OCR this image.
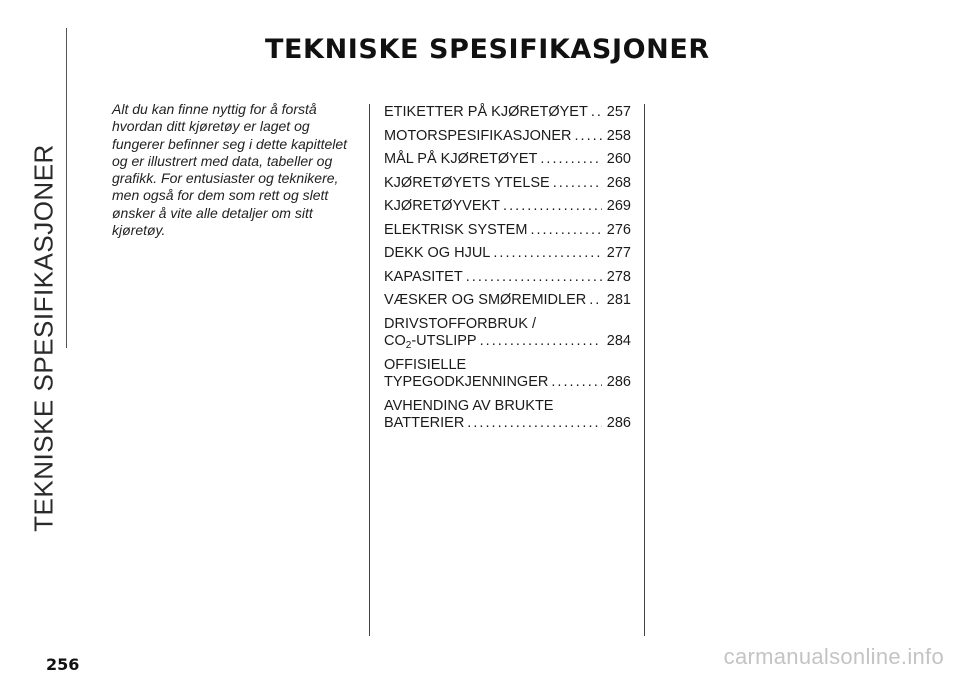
TEKNISKE SPESIFIKASJONER
TEKNISKE SPESIFIKASJONER
Alt du kan finne nyttig for å forstå hvordan ditt kjøretøy er laget og fungerer befinner seg i dette kapittelet og er illustrert med data, tabeller og grafikk. For entusiaster og teknikere, men også for dem som rett og slett ønsker å vite alle detaljer om sitt kjøretøy.
ETIKETTER PÅ KJØRETØYET . . . 257
MOTORSPESIFIKASJONER . . . 258
MÅL PÅ KJØRETØYET . . .	260
KJØRETØYETS YTELSE . . .	268
KJØRETØYVEKT . . .	269
ELEKTRISK SYSTEM . . .	276
DEKK OG HJUL . . .	277
KAPASITET . . .	278
VÆSKER OG SMØREMIDLER . . . 281
DRIVSTOFFORBRUK /
$CO_2$-UTSLIPP . . .	284
OFFISIELLE
TYPEGODKJENNINGER . . .	286
AVHENDING AV BRUKTE
BATTERIER . . .	286
256	carmanualsonline.info
